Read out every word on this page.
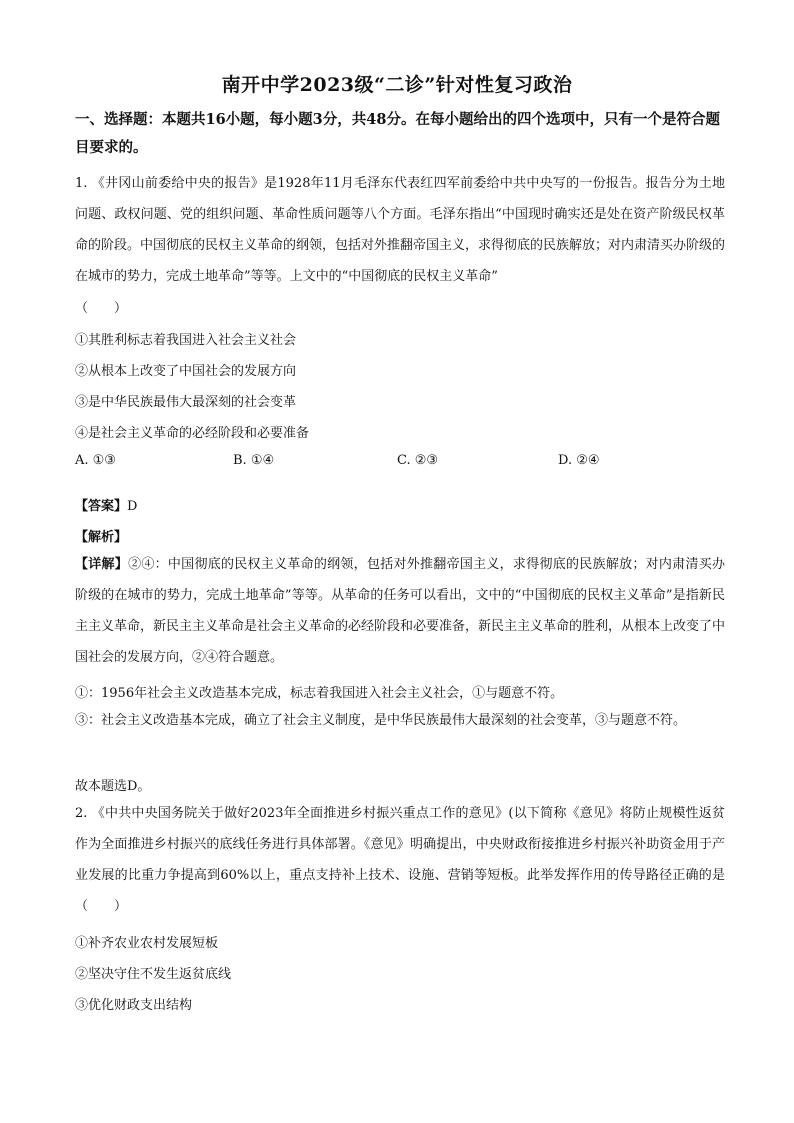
南开中学2023级“二诊”针对性复习政治
一、选择题：本题共16小题，每小题3分，共48分。在每小题给出的四个选项中，只有一个是符合题目要求的。
1. 《井冈山前委给中央的报告》是1928年11月毛泽东代表红四军前委给中共中央写的一份报告。报告分为土地问题、政权问题、党的组织问题、革命性质问题等八个方面。毛泽东指出“中国现时确实还是处在资产阶级民权革命的阶段。中国彻底的民权主义革命的纲领，包括对外推翻帝国主义，求得彻底的民族解放；对内肃清买办阶级的在城市的势力，完成土地革命”等等。上文中的“中国彻底的民权主义革命”
（　　）
①其胜利标志着我国进入社会主义社会
②从根本上改变了中国社会的发展方向
③是中华民族最伟大最深刻的社会变革
④是社会主义革命的必经阶段和必要准备
A. ①③	B. ①④	C. ②③	D. ②④
【答案】D
【解析】
【详解】②④：中国彻底的民权主义革命的纲领，包括对外推翻帝国主义，求得彻底的民族解放；对内肃清买办阶级的在城市的势力，完成土地革命”等等。从革命的任务可以看出，文中的“中国彻底的民权主义革命”是指新民主主义革命，新民主主义革命是社会主义革命的必经阶段和必要准备，新民主主义革命的胜利，从根本上改变了中国社会的发展方向，②④符合题意。
①：1956年社会主义改造基本完成，标志着我国进入社会主义社会，①与题意不符。
③：社会主义改造基本完成，确立了社会主义制度，是中华民族最伟大最深刻的社会变革，③与题意不符。
故本题选D。
2. 《中共中央国务院关于做好2023年全面推进乡村振兴重点工作的意见》(以下简称《意见》将防止规模性返贫作为全面推进乡村振兴的底线任务进行具体部署。《意见》明确提出，中央财政衔接推进乡村振兴补助资金用于产业发展的比重力争提高到60%以上，重点支持补上技术、设施、营销等短板。此举发挥作用的传导路径正确的是（　　）
①补齐农业农村发展短板
②坚决守住不发生返贫底线
③优化财政支出结构
